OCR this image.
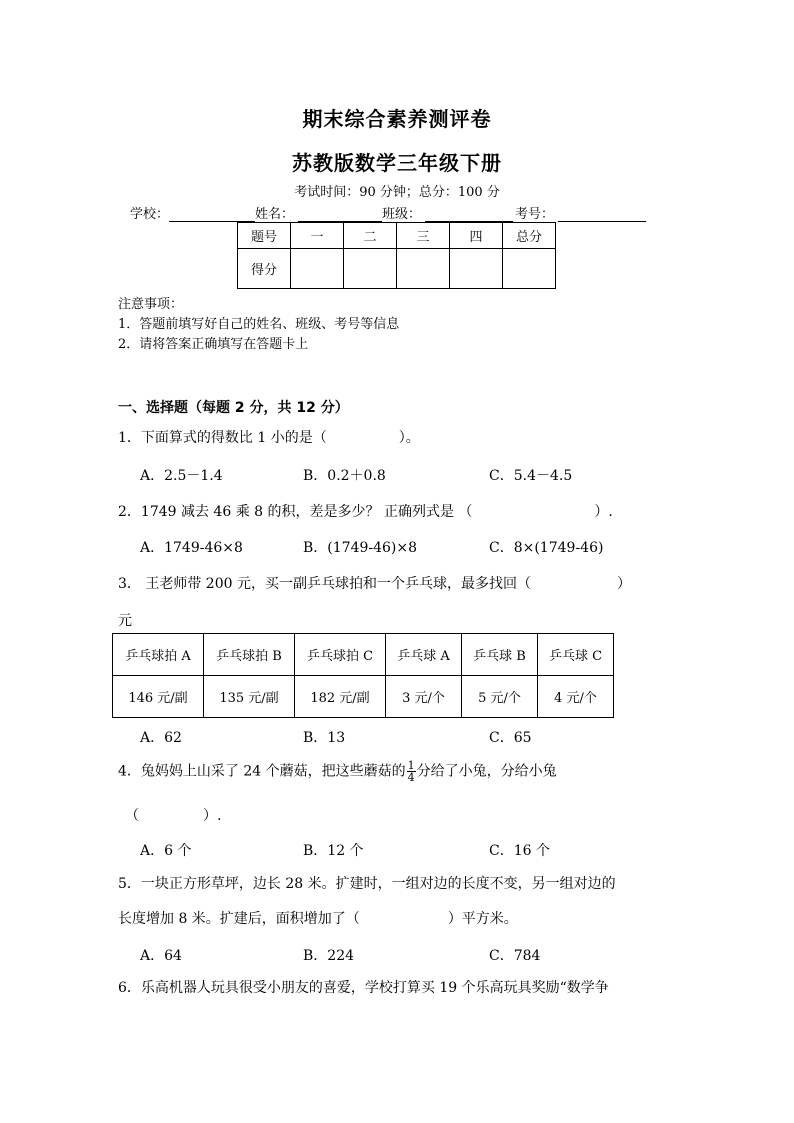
期末综合素养测评卷
苏教版数学三年级下册
考试时间：90 分钟；总分：100 分
学校：	姓名：	班级：	考号：
题号	一	二	三	四	总分
得分					
注意事项：
1．答题前填写好自己的姓名、班级、考号等信息
2．请将答案正确填写在答题卡上
一、选择题（每题 2 分，共 12 分）
1．下面算式的得数比 1 小的是（	）。
A．2.5－1.4	B．0.2＋0.8	C．5.4－4.5
2．1749 减去 46 乘 8 的积，差是多少？ 正确列式是 （	）.
A．1749-46×8	B．(1749-46)×8	C．8×(1749-46)
3． 王老师带 200 元，买一副乒乓球拍和一个乒乓球，最多找回（	）
元
乒乓球拍 A	乒乓球拍 B	乒乓球拍 C	乒乓球 A	乒乓球 B	乒乓球 C
146 元/副	135 元/副	182 元/副	3 元/个	5 元/个	4 元/个
A．62	B．13	C．65
4．兔妈妈上山采了 24 个蘑菇，把这些蘑菇的 $\frac{1}{4}$ 分给了小兔，分给小兔
（	）.
A．6 个	B．12 个	C．16 个
5．一块正方形草坪，边长 28 米。扩建时，一组对边的长度不变，另一组对边的
长度增加 8 米。扩建后，面积增加了（	）平方米。
A．64	B．224	C．784
6．乐高机器人玩具很受小朋友的喜爱，学校打算买 19 个乐高玩具奖励“数学争
